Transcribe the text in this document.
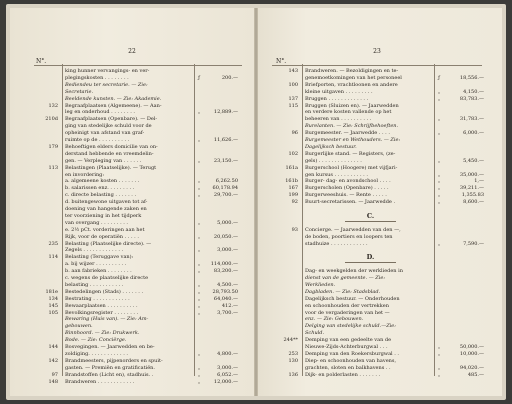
22
N°.
king hunner vervangings- en ver-
plegingskosten . . . . . . . .	ƒ	200.—
Bediendeu ter secretarie. — Zie:
Secretarie.
Beeldende kunsten. — Zie: Akademie.
132 Begraafplaatsen (Algemeene). — Aan-
leg en onderhoud . . . . . . . .	„	12,889.—
210d Begraafplaatsen (Openbare). — Del-
ging van stedelijke schuld voor de
opheinigt van afstand van graf-
ruimte op de . . . . . . . . . .	„	11,626.—
179 Behoeftigen elders domicilie van on-
derstand hebbende en vreemdelin-
gen. — Verpleging van . . . . . .	„	23,150.—
113 Belastingen (Plaatselijke). — Terugt
en invordering:
a. algemeene kosten . . . . . . .	„	6,262.50
b. salarissen enz. . . . . . . . .	„	60,178.94
c. directe belasting . . . . . . .	„	29,700.—
d. buitengewone uitgaven tot af-
doening van hangende zaken en
ter voorziening in het tijdperk
van overgang . . . . . . . . .	„	5,000.—
e. 2½ pCt. vorderingen aan het
Rijk, voor de operatiën . . . . .	„	20,050.—
235 Belasting (Plaatselijke directe). —
Zegels . . . . . . . . . . . . .	„	3,000.—
114 Belasting (Teruggave van):
a. bij wijzer . . . . . . . . . .	„	114,000.—
b. aan fabrieken . . . . . . . .	„	83,200.—
c. wegens de plaatselijke directe
belasting . . . . . . . . . . .	„	4,500.—
181e Bestedelingen (Stads) . . . . . . .	„	28,793.50
134 Bestrating . . . . . . . . . . . .	„	64,040.—
145 Bewaarplaatsen . . . . . . . . . .	„	412.—
105 Bevolkingsregister . . . . . . . .	„	3,700.—
Bewaring (Huis van). — Zie: Am-
gebouwen.
Binnhoord. — Zie: Drukwerk.
Bode. — Zie: Conciërge.
144 Bosvegingen. — Jaarwedden en be-
zoldiging. . . . . . . . . . . . .	„	4,800.—
142 Brandmeesters, pijpenorders en spuit-
gasten. — Premiën en gratificatiën.	„	3,000.—
97 Brandstoffen (Licht en), stadhuis. .	„	6,052.—
148 Brandweren . . . . . . . . . . . .	„	12,000.—
23
N°.
143 Brandweren. — Bezoldigingen en te-
genemoetkomingen van het personeel	ƒ	18,556.—
100 Briefporten, vrachtloonen en andere
kleine uitgaven . . . . . . . . .	„	4,150.—
137 Bruggen . . . . . . . . . . . . .	„	83,783.—
115 Bruggen (Sluizen en). — Jaarwedden
en verdere kosten vallende op het
beheeren van . . . . . . . . . .	„	31,783.—
Burelanten. — Zie: Schrijfbehoeften.
96 Burgemeester. — Jaarwedde . . . .	„	6,000.—
Burgemeester en Wethouders. — Zie:
Dagelijksch bestuur.
102 Burgerlijke stand. — Registers, (ze-
gels) . . . . . . . . . . . . . .	„	5,450.—
161a Burgerschool (Hoogere) met vijfjari-
gen kursus . . . . . . . . . . .	„	35,000.—
161b Burger- dag- en avondschool . . . .	„	1,—
167 Burgerscholen (Openbare) . . . . .	„	39,211.—
199 Burgerweeshuis. — Rente . . . . .	„	1,355.83
92 Buurt-secretarissen. — Jaarwedde .	„	8,600.—
C.
93 Concierge. — Jaarwedden van den —,
de boden, poortiers en loopers ten
stadhuize . . . . . . . . . . . .	„	7,590.—
D.
Dag- en weekgelden der werklieden in
dienst van de gemeente. — Zie:
Werklieden.
Dagbladen. — Zie: Stadsblad.
Dagelijksch bestuur. — Onderhouden
en schoonhouden der vertrekken
voor de vergaderingen van het —
enz. — Zie: Gebouwen.
Delging van stedelijke schuld.—Zie:
Schuld.
244** Demping van een gedeelte van de
Nieuwe-Zijds-Achterburgwal . . .	„	50,000.—
253 Demping van den Roekersburgwal . .	„	10,000.—
130 Diep- en schoonhouden van havens,
grachten, sloten en balkhavens . .	„	94,020.—
136 Dijk- en polderlasten . . . . . . .	„	485.—
